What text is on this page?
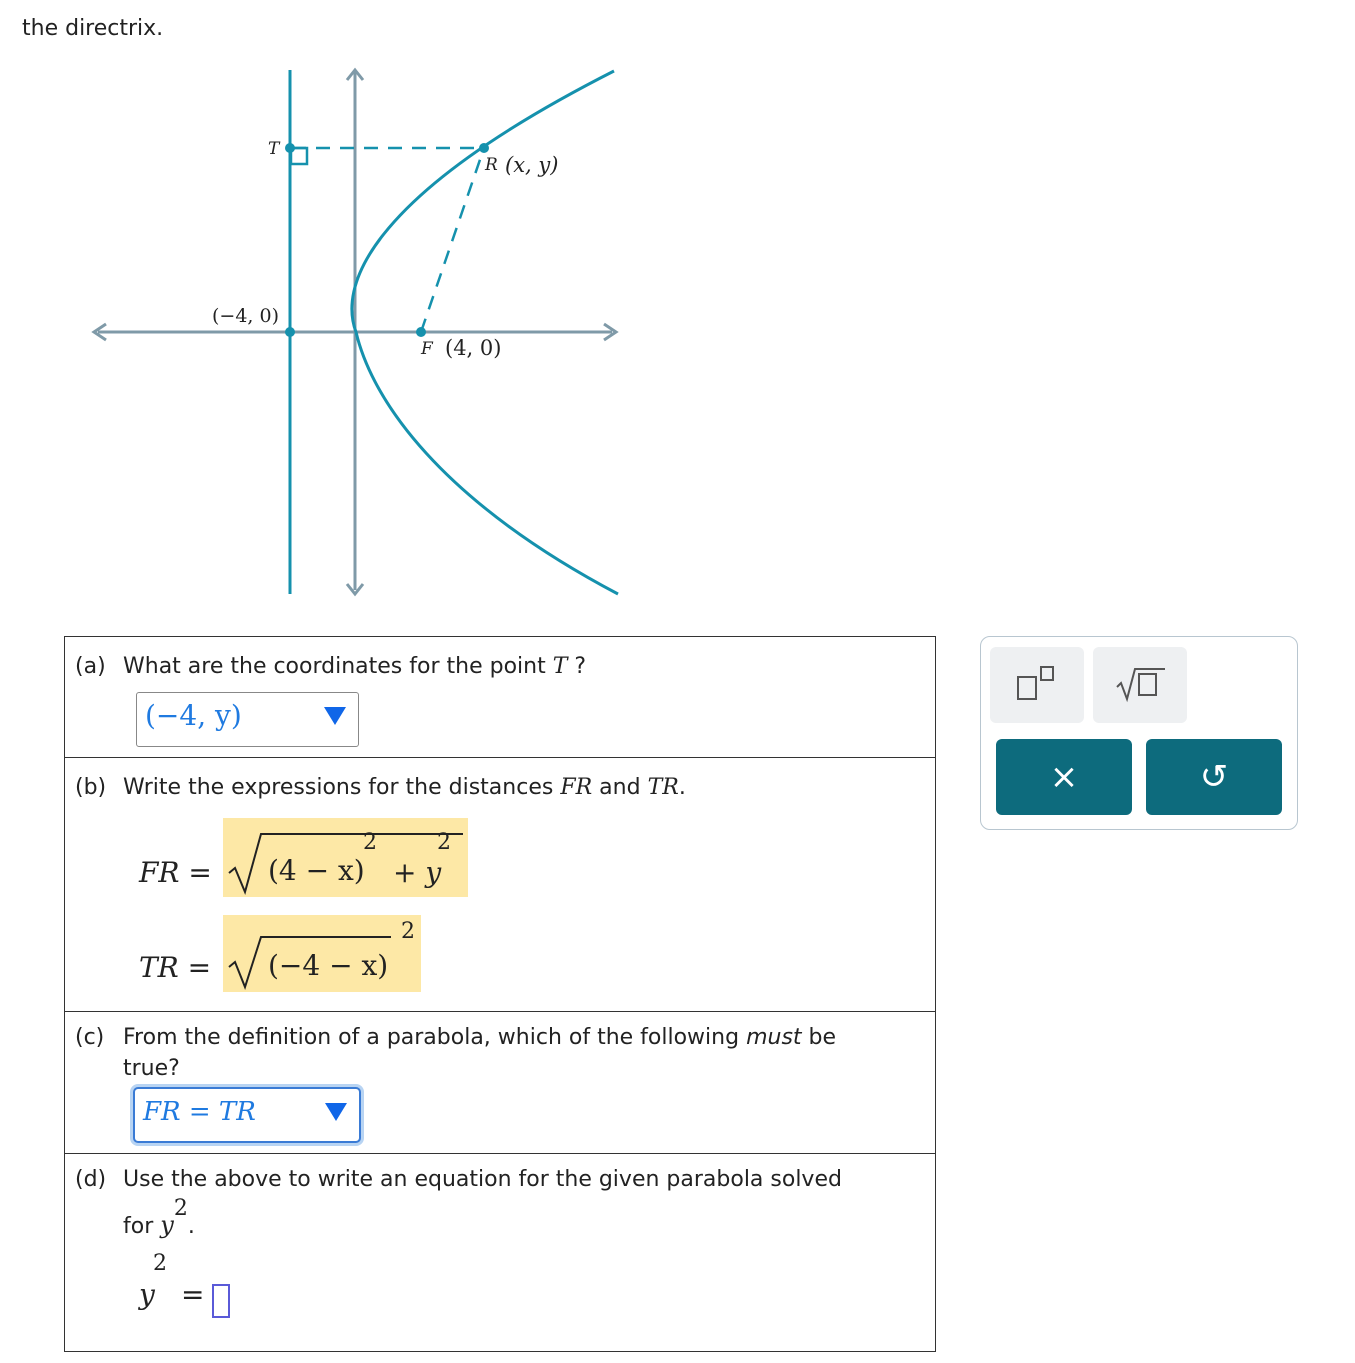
the directrix.
T
R (x, y)
(−4, 0)
F (4, 0)
(a) What are the coordinates for the point T ?
(−4, y)
(b) Write the expressions for the distances FR and TR.
FR = (4 − x)
2
+ y
2
TR = (−4 − x)
2
(c) From the definition of a parabola, which of the following must be
true?
FR = TR
(d) Use the above to write an equation for the given parabola solved
for y2.
y
2
=
×	↺
